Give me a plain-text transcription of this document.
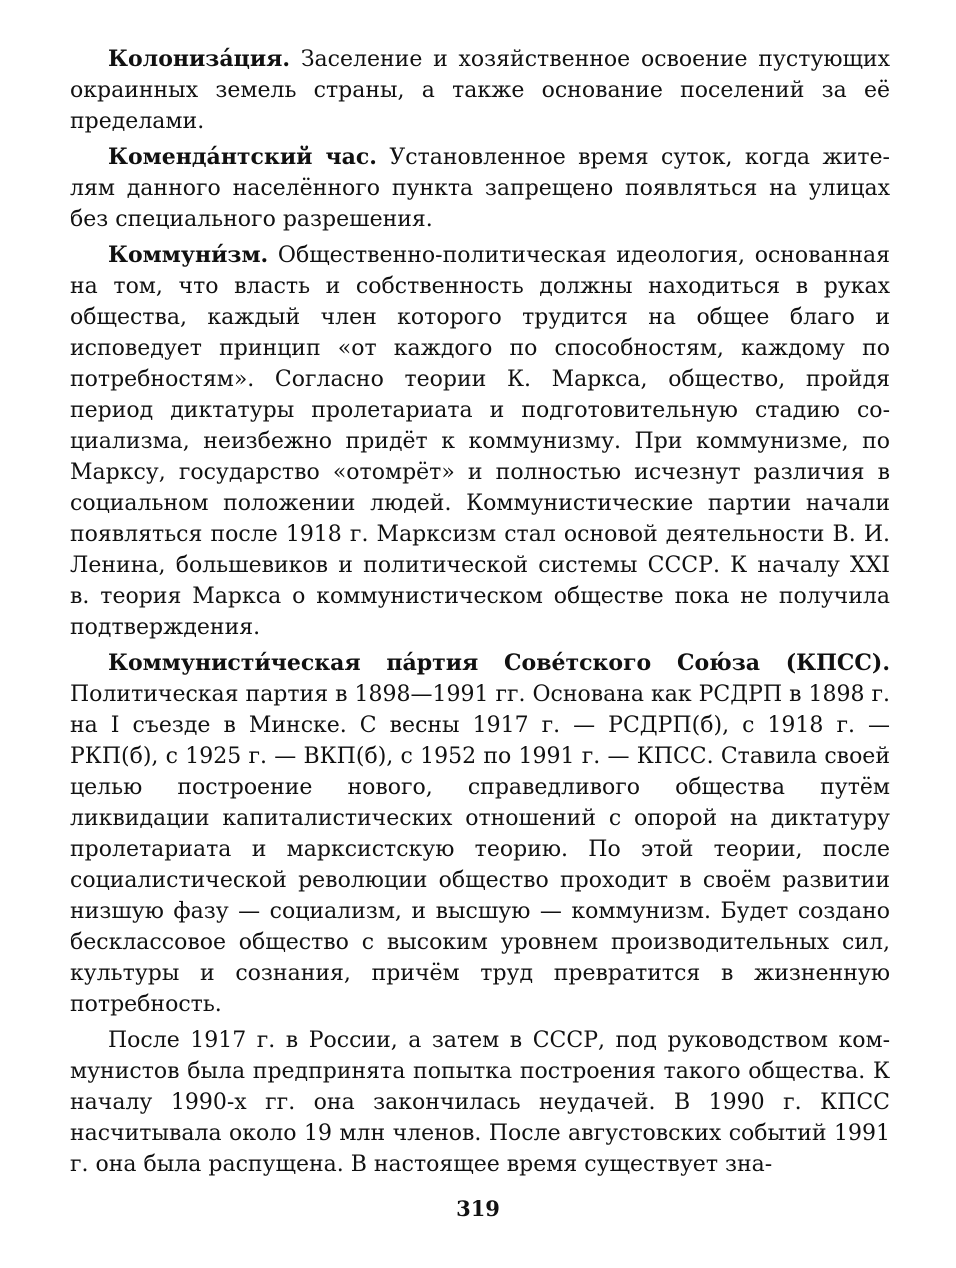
Колониза́ция. Заселение и хозяйственное освоение пустующих окраинных земель страны, а также основание поселений за её пределами.

Коменда́нтский час. Установленное время суток, когда жителям данного населённого пункта запрещено появляться на улицах без специального разрешения.

Коммуни́зм. Общественно-политическая идеология, основанная на том, что власть и собственность должны находиться в руках общества, каждый член которого трудится на общее благо и исповедует принцип «от каждого по способностям, каждому по потребностям». Согласно теории К. Маркса, общество, пройдя период диктатуры пролетариата и подготовительную стадию социализма, неизбежно придёт к коммунизму. При коммунизме, по Марксу, государство «отомрёт» и полностью исчезнут различия в социальном положении людей. Коммунистические партии начали появляться после 1918 г. Марксизм стал основой деятельности В. И. Ленина, большевиков и политической системы СССР. К началу XXI в. теория Маркса о коммунистическом обществе пока не получила подтверждения.

Коммунисти́ческая па́ртия Сове́тского Сою́за (КПСС). Политическая партия в 1898—1991 гг. Основана как РСДРП в 1898 г. на I съезде в Минске. С весны 1917 г. — РСДРП(б), с 1918 г. — РКП(б), с 1925 г. — ВКП(б), с 1952 по 1991 г. — КПСС. Ставила своей целью построение нового, справедливого общества путём ликвидации капиталистических отношений с опорой на диктатуру пролетариата и марксистскую теорию. По этой теории, после социалистической революции общество проходит в своём развитии низшую фазу — социализм, и высшую — коммунизм. Будет создано бесклассовое общество с высоким уровнем производительных сил, культуры и сознания, причём труд превратится в жизненную потребность.

После 1917 г. в России, а затем в СССР, под руководством коммунистов была предпринята попытка построения такого общества. К началу 1990-х гг. она закончилась неудачей. В 1990 г. КПСС насчитывала около 19 млн членов. После августовских событий 1991 г. она была распущена. В настоящее время существует зна-

319
